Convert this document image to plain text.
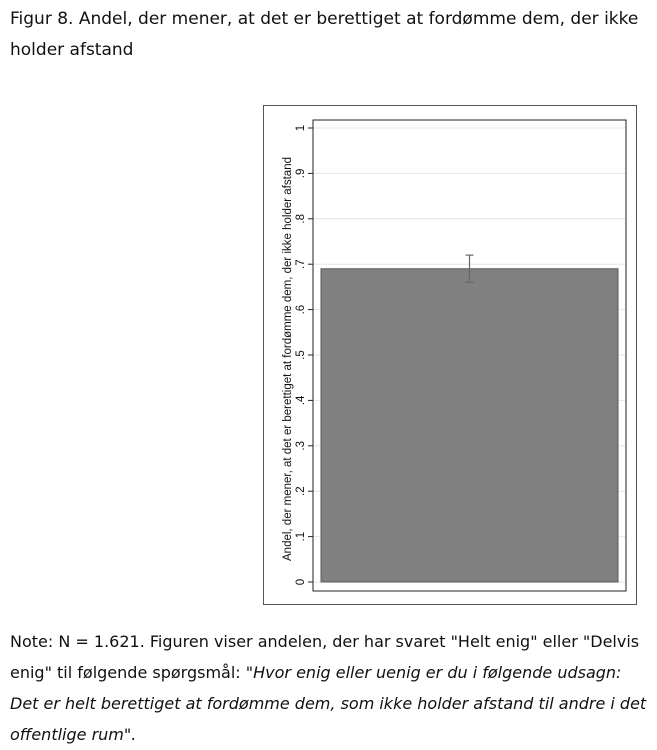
Figur 8. Andel, der mener, at det er berettiget at fordømme dem, der ikke holder afstand
0
.1
.2
.3
.4
.5
.6
.7
.8
.9
1
Andel, der mener, at det er berettiget at fordømme dem, der ikke holder afstand

Note: N = 1.621. Figuren viser andelen, der har svaret "Helt enig" eller "Delvis enig" til følgende spørgsmål: "Hvor enig eller uenig er du i følgende udsagn: Det er helt berettiget at fordømme dem, som ikke holder afstand til andre i det offentlige rum".
